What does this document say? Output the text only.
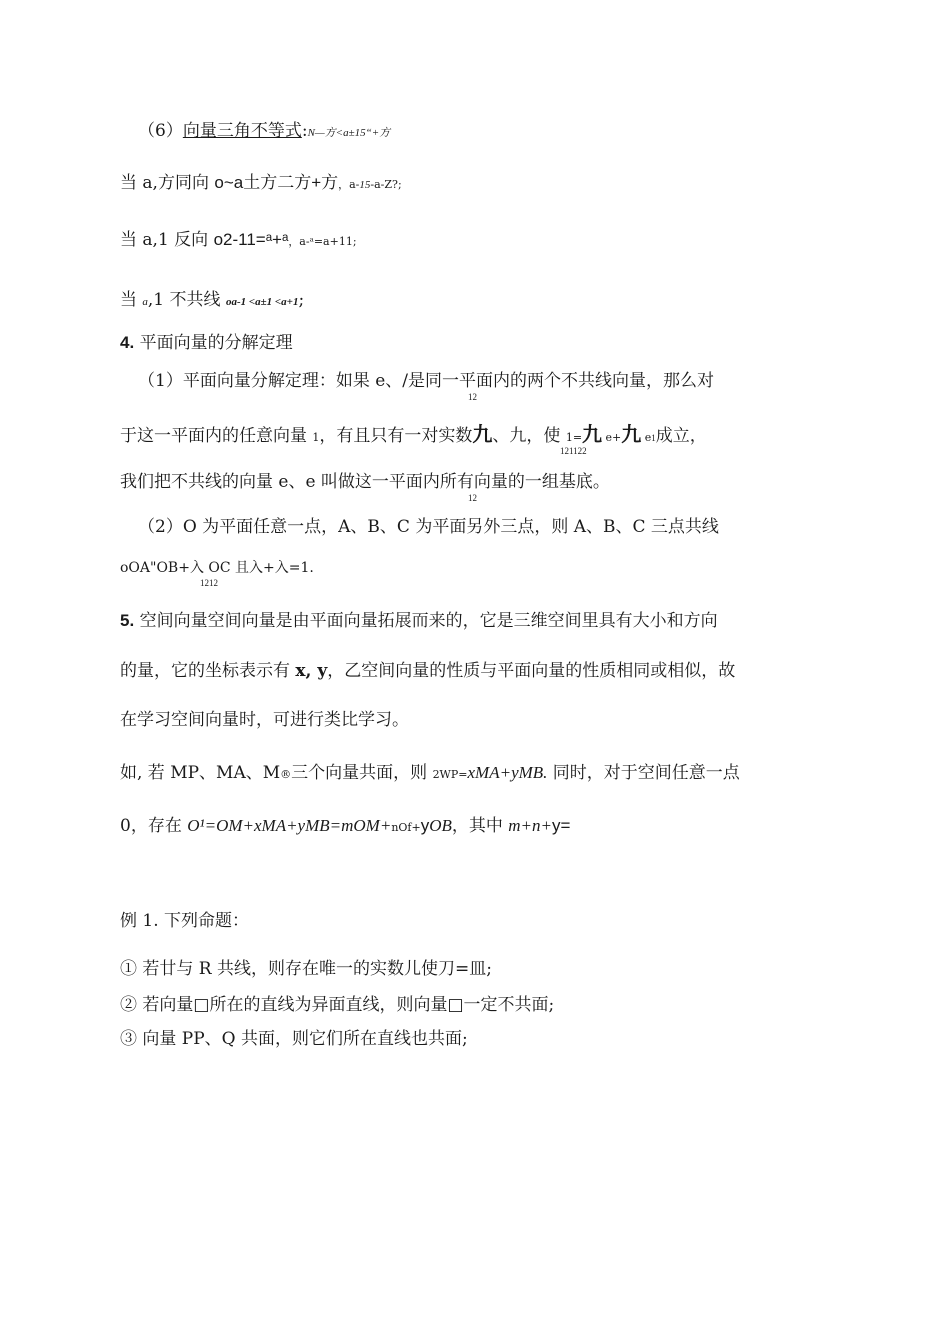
（6）向量三角不等式:N—方<a±15“+方
当 a,方同向 o~a土方二方+方，a-15-a-Z?;
当 a,1 反向 o2-11=ᵃ+ᵃ，a-ᵃ=a+11;
当 a,1 不共线 oa-1 <a±1 <a+1;
4. 平面向量的分解定理
（1）平面向量分解定理：如果 e、/是同一平面内的两个不共线向量，那么对
12
于这一平面内的任意向量 1，有且只有一对实数九、九，使 1=九 e+九 e1成立，
121122
我们把不共线的向量 e、e 叫做这一平面内所有向量的一组基底。
12
（2）O 为平面任意一点，A、B、C 为平面另外三点，则 A、B、C 三点共线
oOA"OB+入 OC 且入+入=1.
1212
5. 空间向量空间向量是由平面向量拓展而来的，它是三维空间里具有大小和方向
的量，它的坐标表示有 x, y，乙空间向量的性质与平面向量的性质相同或相似，故
在学习空间向量时，可进行类比学习。
如, 若 MP、MA、M®三个向量共面，则 2WP=xMA+yMB. 同时，对于空间任意一点
0，存在 O¹=OM+xMA+yMB=mOM+nOf+yOB，其中 m+n+y=
例 1. 下列命题：
① 若廿与 R 共线，则存在唯一的实数儿使刀=皿;
② 若向量□所在的直线为异面直线，则向量□一定不共面;
③ 向量 PP、Q 共面，则它们所在直线也共面;
